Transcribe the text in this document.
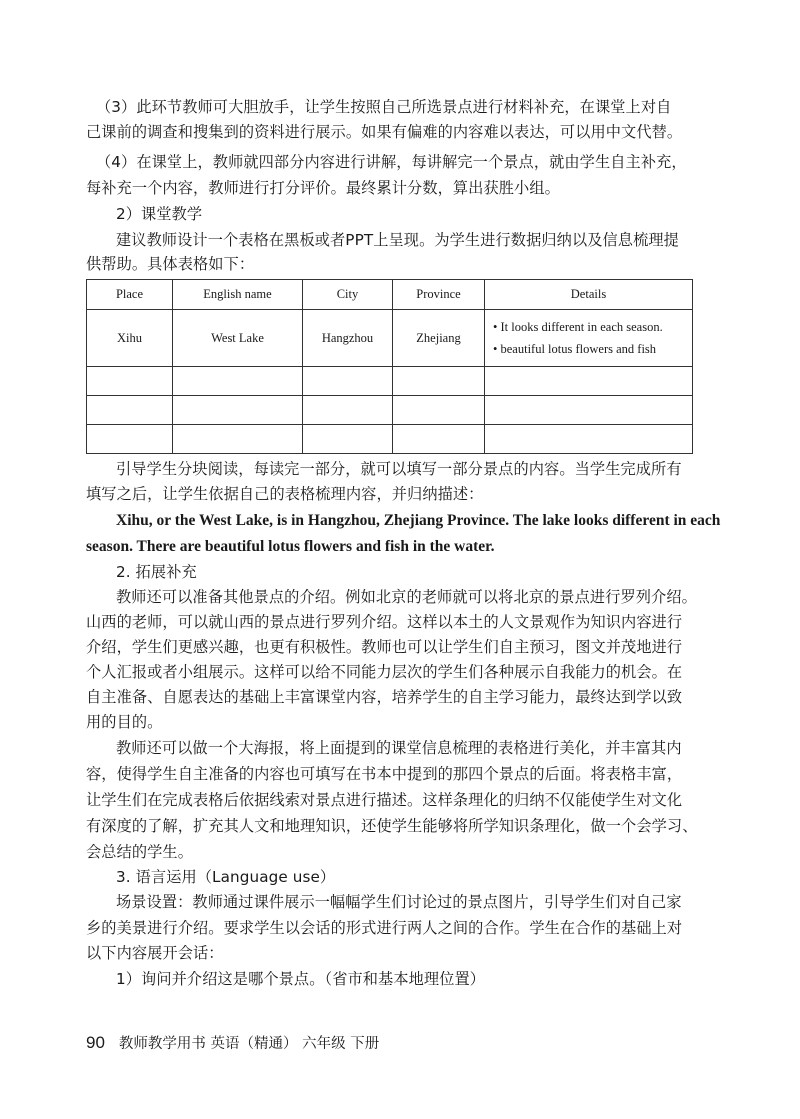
（3）此环节教师可大胆放手，让学生按照自己所选景点进行材料补充，在课堂上对自
己课前的调查和搜集到的资料进行展示。如果有偏难的内容难以表达，可以用中文代替。
（4）在课堂上，教师就四部分内容进行讲解，每讲解完一个景点，就由学生自主补充，
每补充一个内容，教师进行打分评价。最终累计分数，算出获胜小组。
2）课堂教学
建议教师设计一个表格在黑板或者PPT上呈现。为学生进行数据归纳以及信息梳理提
供帮助。具体表格如下：
Place	English name	City	Province	Details
Xihu	West Lake	Hangzhou	Zhejiang	• It looks different in each season.
• beautiful lotus flowers and fish

引导学生分块阅读，每读完一部分，就可以填写一部分景点的内容。当学生完成所有
填写之后，让学生依据自己的表格梳理内容，并归纳描述：
Xihu, or the West Lake, is in Hangzhou, Zhejiang Province. The lake looks different in each
season. There are beautiful lotus flowers and fish in the water.
2. 拓展补充
教师还可以准备其他景点的介绍。例如北京的老师就可以将北京的景点进行罗列介绍。
山西的老师，可以就山西的景点进行罗列介绍。这样以本土的人文景观作为知识内容进行
介绍，学生们更感兴趣，也更有积极性。教师也可以让学生们自主预习，图文并茂地进行
个人汇报或者小组展示。这样可以给不同能力层次的学生们各种展示自我能力的机会。在
自主准备、自愿表达的基础上丰富课堂内容，培养学生的自主学习能力，最终达到学以致
用的目的。
教师还可以做一个大海报，将上面提到的课堂信息梳理的表格进行美化，并丰富其内
容，使得学生自主准备的内容也可填写在书本中提到的那四个景点的后面。将表格丰富，
让学生们在完成表格后依据线索对景点进行描述。这样条理化的归纳不仅能使学生对文化
有深度的了解，扩充其人文和地理知识，还使学生能够将所学知识条理化，做一个会学习、
会总结的学生。
3. 语言运用（Language use）
场景设置：教师通过课件展示一幅幅学生们讨论过的景点图片，引导学生们对自己家
乡的美景进行介绍。要求学生以会话的形式进行两人之间的合作。学生在合作的基础上对
以下内容展开会话：
1）询问并介绍这是哪个景点。（省市和基本地理位置）
90 教师教学用书 英语（精通） 六年级 下册
